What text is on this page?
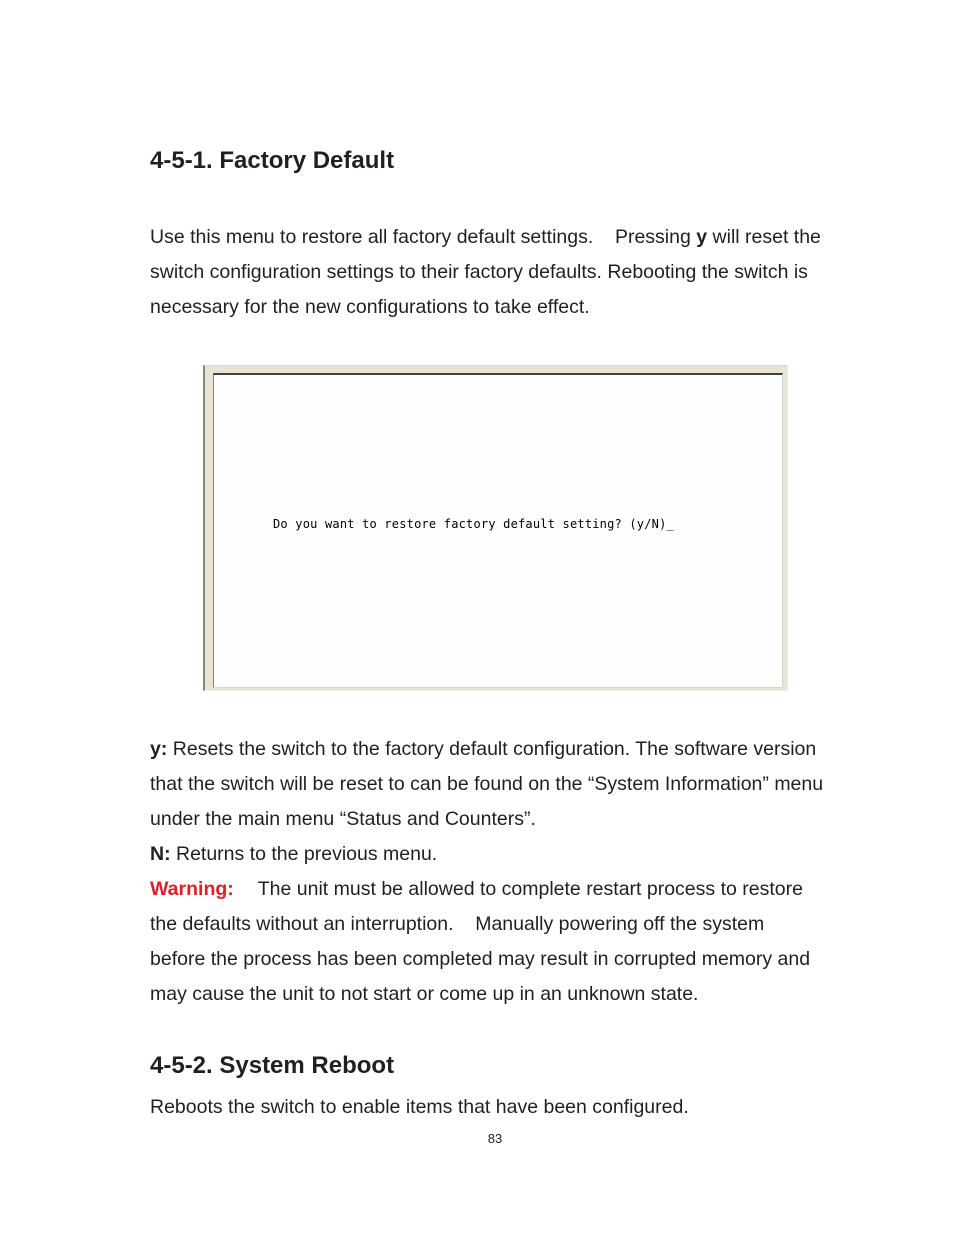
4-5-1. Factory Default
Use this menu to restore all factory default settings.    Pressing y will reset the
switch configuration settings to their factory defaults. Rebooting the switch is
necessary for the new configurations to take effect.
Do you want to restore factory default setting? (y/N)_
y: Resets the switch to the factory default configuration. The software version
that the switch will be reset to can be found on the “System Information” menu
under the main menu “Status and Counters”.
N: Returns to the previous menu.
Warning: The unit must be allowed to complete restart process to restore
the defaults without an interruption.    Manually powering off the system
before the process has been completed may result in corrupted memory and
may cause the unit to not start or come up in an unknown state.
4-5-2. System Reboot

Reboots the switch to enable items that have been configured.

83
